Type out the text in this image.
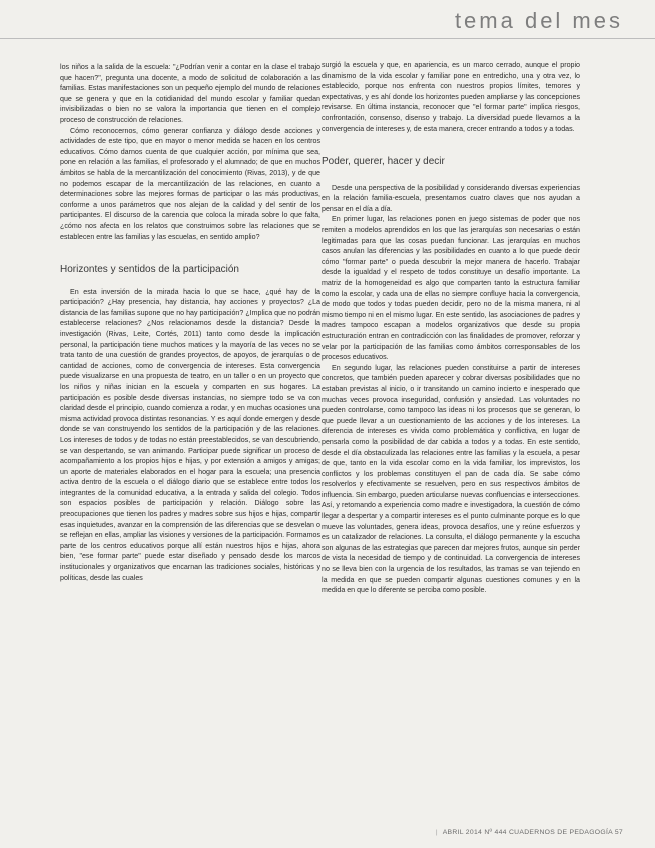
tema del mes

los niños a la salida de la escuela: "¿Podrían venir a contar en la clase el trabajo que hacen?", pregunta una docente, a modo de solicitud de colaboración a las familias. Estas manifestaciones son un pequeño ejemplo del mundo de relaciones que se genera y que en la cotidianidad del mundo escolar y familiar quedan invisibilizadas o bien no se valora la importancia que tienen en el complejo proceso de construcción de relaciones.

Cómo reconocernos, cómo generar confianza y diálogo desde acciones y actividades de este tipo, que en mayor o menor medida se hacen en los centros educativos. Cómo darnos cuenta de que cualquier acción, por mínima que sea, pone en relación a las familias, el profesorado y el alumnado; de que en muchos ámbitos se habla de la mercantilización del conocimiento (Rivas, 2013), y de que no podemos escapar de la mercantilización de las relaciones, en cuanto a determinaciones sobre las mejores formas de participar o las más productivas, conforme a unos parámetros que nos alejan de la calidad y del sentir de los participantes. El discurso de la carencia que coloca la mirada sobre lo que falta, ¿cómo nos afecta en los relatos que construimos sobre las relaciones que se establecen entre las familias y las escuelas, en sentido amplio?

Horizontes y sentidos de la participación

En esta inversión de la mirada hacia lo que se hace, ¿qué hay de la participación? ¿Hay presencia, hay distancia, hay acciones y proyectos? ¿La distancia de las familias supone que no hay participación? ¿Implica que no podrán establecerse relaciones? ¿Nos relacionamos desde la distancia? Desde la investigación (Rivas, Leite, Cortés, 2011) tanto como desde la implicación personal, la participación tiene muchos matices y la mayoría de las veces no se trata tanto de una cuestión de grandes proyectos, de apoyos, de jerarquías o de cantidad de acciones, como de convergencia de intereses. Esta convergencia puede visualizarse en una propuesta de teatro, en un taller o en un proyecto que los niños y niñas inician en la escuela y comparten en sus hogares. La participación es posible desde diversas instancias, no siempre todo se va con claridad desde el principio, cuando comienza a rodar, y en muchas ocasiones una misma actividad provoca distintas resonancias. Y es aquí donde emergen y desde donde se van construyendo los sentidos de la participación y de las relaciones. Los intereses de todos y de todas no están preestablecidos, se van descubriendo, se van despertando, se van animando. Participar puede significar un proceso de acompañamiento a los propios hijos e hijas, y por extensión a amigos y amigas; un aporte de materiales elaborados en el hogar para la escuela; una presencia activa dentro de la escuela o el diálogo diario que se establece entre todos los integrantes de la comunidad educativa, a la entrada y salida del colegio. Todos son espacios posibles de participación y relación. Diálogo sobre las preocupaciones que tienen los padres y madres sobre sus hijos e hijas, compartir esas inquietudes, avanzar en la comprensión de las diferencias que se desvelan o se reflejan en ellas, ampliar las visiones y versiones de la participación. Formamos parte de los centros educativos porque allí están nuestros hijos e hijas, ahora bien, "ese formar parte" puede estar diseñado y pensado desde los marcos institucionales y organizativos que encarnan las tradiciones sociales, históricas y políticas, desde las cuales

surgió la escuela y que, en apariencia, es un marco cerrado, aunque el propio dinamismo de la vida escolar y familiar pone en entredicho, una y otra vez, lo establecido, porque nos enfrenta con nuestros propios límites, temores y expectativas, y es ahí donde los horizontes pueden ampliarse y las concepciones revisarse. En última instancia, reconocer que "el formar parte" implica riesgos, confrontación, consenso, disenso y trabajo. La diversidad puede llevarnos a la convergencia de intereses y, de esta manera, crecer entrando a todos y a todas.

Poder, querer, hacer y decir

Desde una perspectiva de la posibilidad y considerando diversas experiencias en la relación familia-escuela, presentamos cuatro claves que nos ayudan a pensar en el día a día.

En primer lugar, las relaciones ponen en juego sistemas de poder que nos remiten a modelos aprendidos en los que las jerarquías son necesarias o están legitimadas para que las cosas puedan funcionar. Las jerarquías en muchos casos anulan las diferencias y las posibilidades en cuanto a lo que puede decir cómo "formar parte" o pueda descubrir la mejor manera de hacerlo. Trabajar desde la igualdad y el respeto de todos constituye un desafío importante. La matriz de la homogeneidad es algo que comparten tanto la estructura familiar como la escolar, y cada una de ellas no siempre confluye hacia la convergencia, de modo que todos y todas pueden decidir, pero no de la misma manera, ni al mismo tiempo ni en el mismo lugar. En este sentido, las asociaciones de padres y madres tampoco escapan a modelos organizativos que desde su propia estructuración entran en contradicción con las finalidades de promover, reforzar y velar por la participación de las familias como ámbitos corresponsables de los procesos educativos.

En segundo lugar, las relaciones pueden constituirse a partir de intereses concretos, que también pueden aparecer y cobrar diversas posibilidades que no estaban previstas al inicio, o ir transitando un camino incierto e inesperado que muchas veces provoca inseguridad, confusión y ansiedad. Las voluntades no pueden controlarse, como tampoco las ideas ni los procesos que se generan, lo que puede llevar a un cuestionamiento de las acciones y de los intereses. La diferencia de intereses es vivida como problemática y conflictiva, en lugar de pensarla como la posibilidad de dar cabida a todos y a todas. En este sentido, desde el día obstaculizada las relaciones entre las familias y la escuela, a pesar de que, tanto en la vida escolar como en la vida familiar, los imprevistos, los conflictos y los problemas constituyen el pan de cada día. Se sabe cómo resolverlos y efectivamente se resuelven, pero en sus respectivos ámbitos de influencia. Sin embargo, pueden articularse nuevas confluencias e intersecciones. Así, y retomando a experiencia como madre e investigadora, la cuestión de cómo llegar a despertar y a compartir intereses es el punto culminante porque es lo que mueve las voluntades, genera ideas, provoca desafíos, une y reúne esfuerzos y es un catalizador de relaciones. La consulta, el diálogo permanente y la escucha son algunas de las estrategias que parecen dar mejores frutos, aunque sin perder de vista la necesidad de tiempo y de continuidad. La convergencia de intereses no se lleva bien con la urgencia de los resultados, las tramas se van tejiendo en la medida en que se pueden compartir algunas cuestiones comunes y en la medida en que lo diferente se perciba como posible.

| ABRIL 2014 Nº 444 CUADERNOS DE PEDAGOGÍA 57
